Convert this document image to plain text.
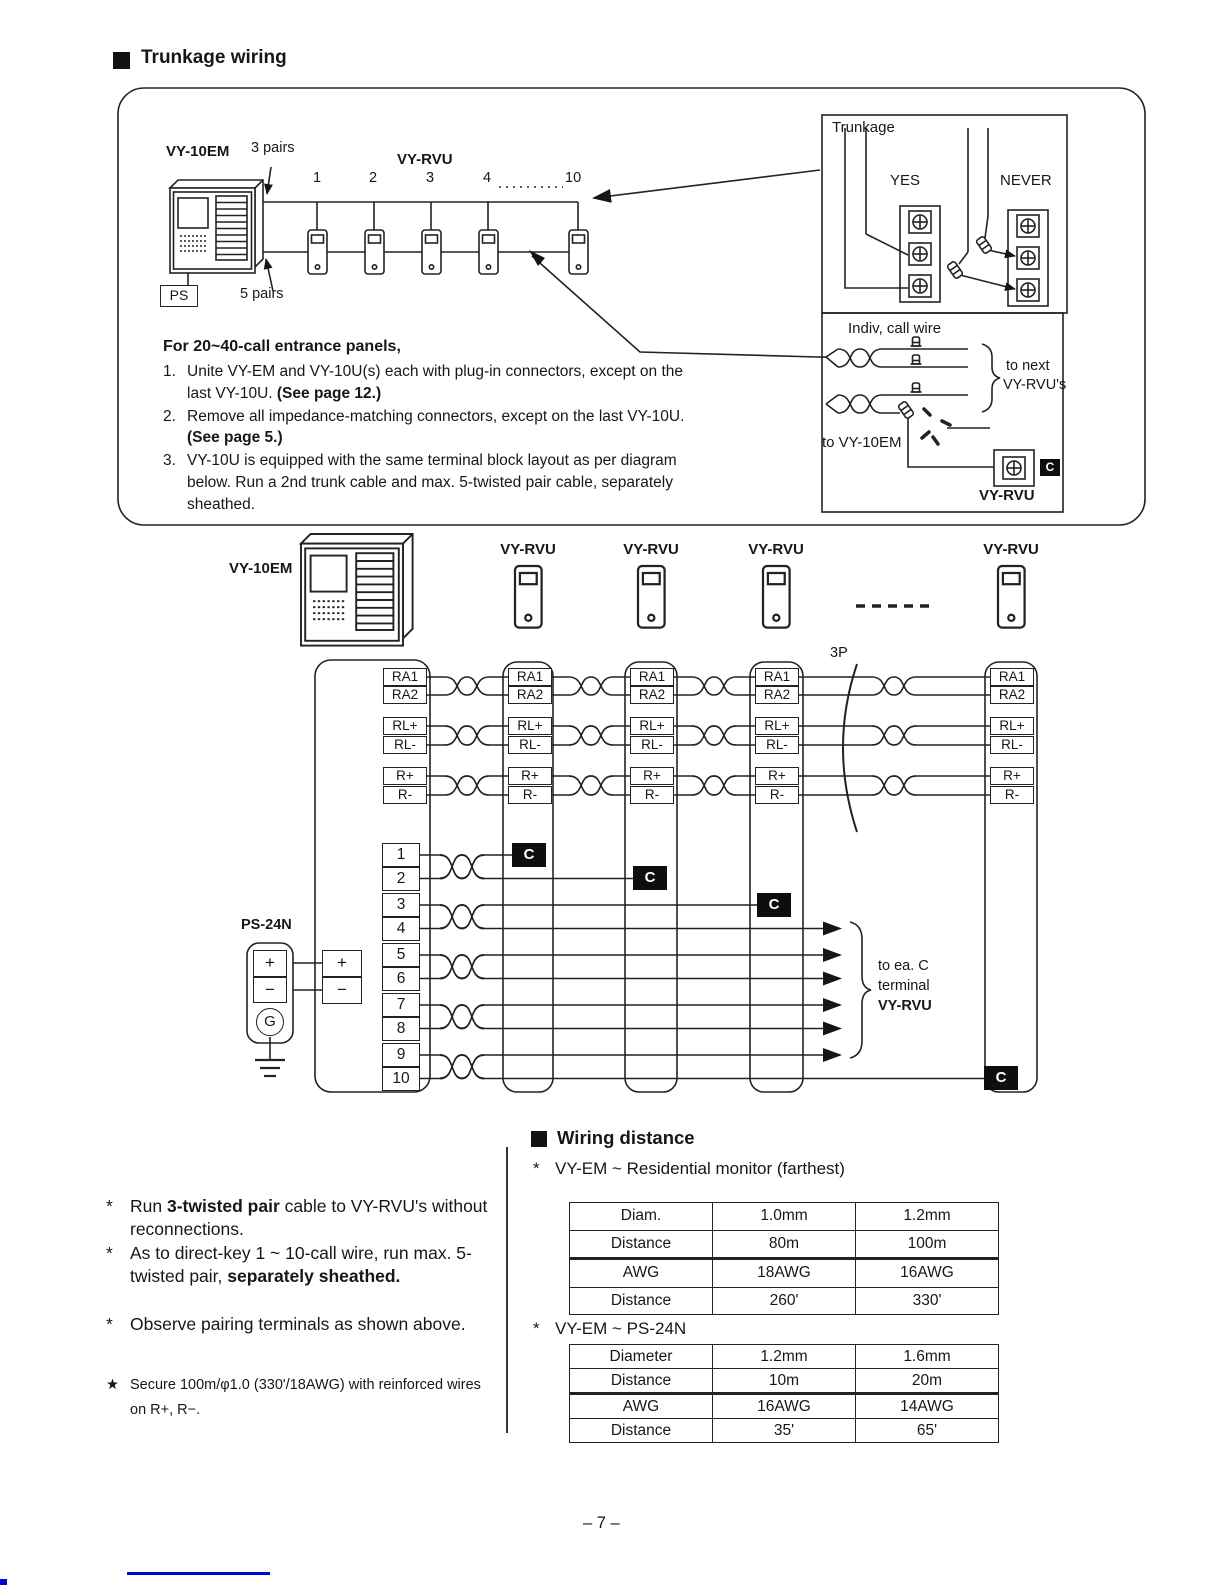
Trunkage wiring
VY-10EM 3 pairs
VY-RVU
1	2	3	4	10
PS	5 pairs
For 20~40-call entrance panels,
1. Unite VY-EM and VY-10U(s) each with plug-in connectors, except on the last VY-10U. (See page 12.)
2. Remove all impedance-matching connectors, except on the last VY-10U. (See page 5.)
3. VY-10U is equipped with the same terminal block layout as per diagram below. Run a 2nd trunk cable and max. 5-twisted pair cable, separately sheathed.
Trunkage
YES	NEVER
Indiv, call wire
to next
VY-RVU's
to VY-10EM
C
VY-RVU
VY-10EM
VY-RVU	VY-RVU	VY-RVU	VY-RVU
3P
RA1
RA2
RL+
RL-
R+
R-
RA1
RA2
RL+
RL-
R+
R-
RA1
RA2
RL+
RL-
R+
R-
RA1
RA2
RL+
RL-
R+
R-
RA1
RA2
RL+
RL-
R+
R-
1
2
3
4
5
6
7
8
9
10
C
C
C
C
PS-24N
+
−
G
+
−
to ea. C
terminal
VY-RVU
* Run 3-twisted pair cable to VY-RVU's without reconnections.
* As to direct-key 1 ~ 10-call wire, run max. 5-twisted pair, separately sheathed.
* Observe pairing terminals as shown above.
★ Secure 100m/φ1.0 (330'/18AWG) with reinforced wires on R+, R−.
Wiring distance
* VY-EM ~ Residential monitor (farthest)
Diam.	1.0mm	1.2mm
Distance	80m	100m
AWG	18AWG	16AWG
Distance	260'	330'
* VY-EM ~ PS-24N
Diameter	1.2mm	1.6mm
Distance	10m	20m
AWG	16AWG	14AWG
Distance	35'	65'
– 7 –
